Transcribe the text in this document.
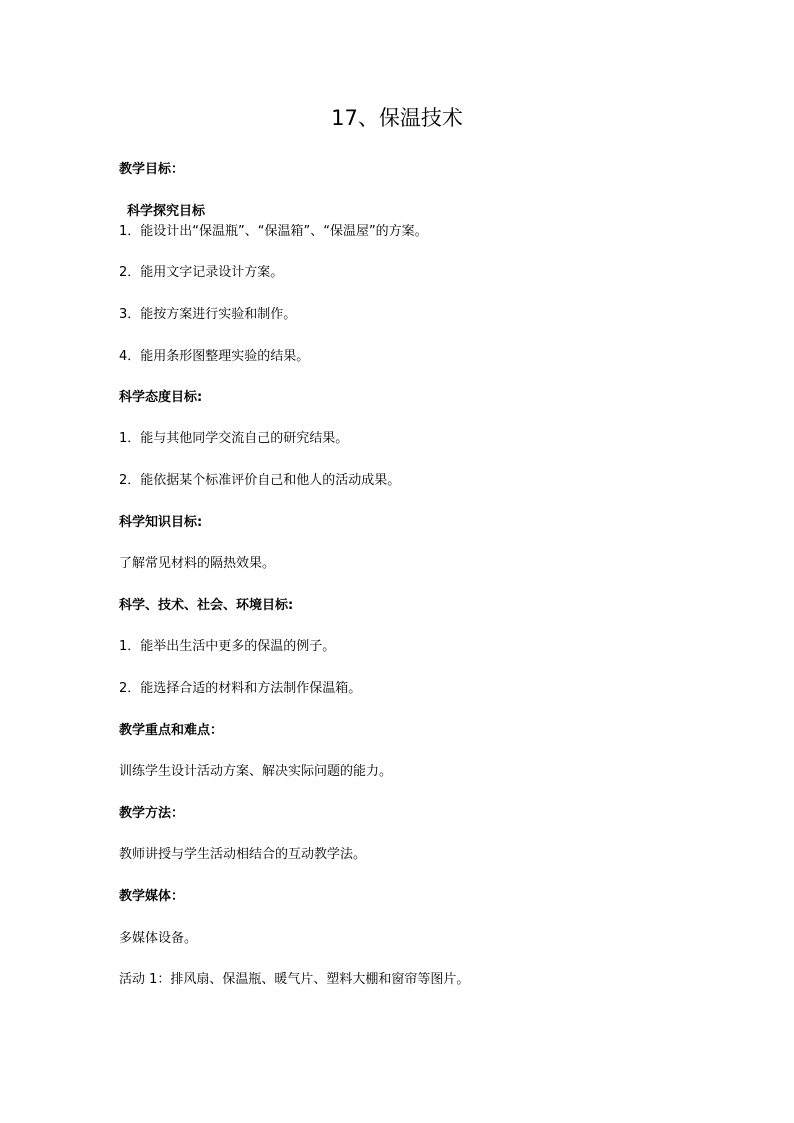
17、保温技术
教学目标：
科学探究目标
1．能设计出“保温瓶”、“保温箱”、“保温屋”的方案。
2．能用文字记录设计方案。
3．能按方案进行实验和制作。
4．能用条形图整理实验的结果。
科学态度目标:
1．能与其他同学交流自己的研究结果。
2．能依据某个标准评价自己和他人的活动成果。
科学知识目标:
了解常见材料的隔热效果。
科学、技术、社会、环境目标:
1．能举出生活中更多的保温的例子。
2．能选择合适的材料和方法制作保温箱。
教学重点和难点：
训练学生设计活动方案、解决实际问题的能力。
教学方法：
教师讲授与学生活动相结合的互动教学法。
教学媒体：
多媒体设备。
活动 1：排风扇、保温瓶、暖气片、塑料大棚和窗帘等图片。
